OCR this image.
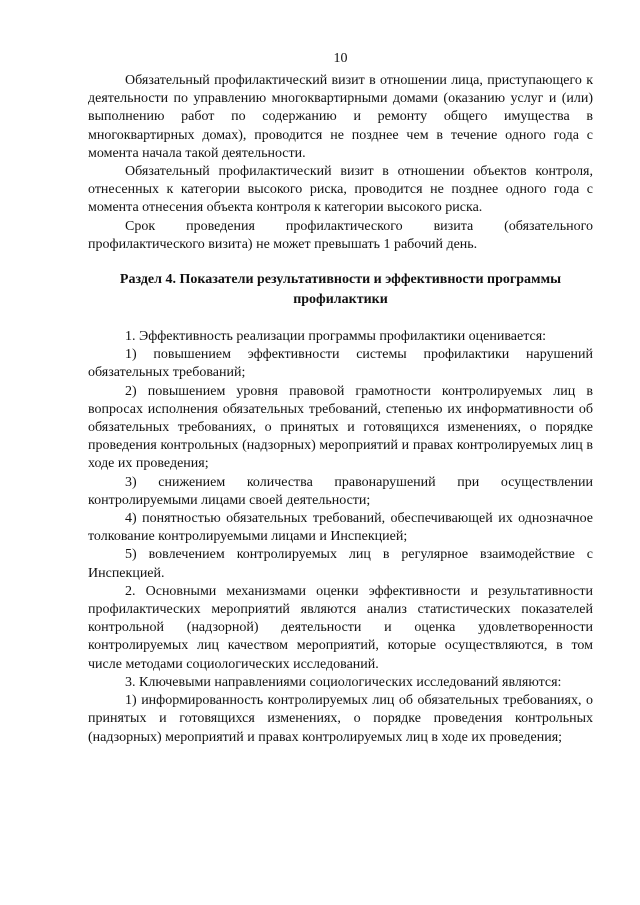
10

Обязательный профилактический визит в отношении лица, приступающего к деятельности по управлению многоквартирными домами (оказанию услуг и (или) выполнению работ по содержанию и ремонту общего имущества в многоквартирных домах), проводится не позднее чем в течение одного года с момента начала такой деятельности.

Обязательный профилактический визит в отношении объектов контроля, отнесенных к категории высокого риска, проводится не позднее одного года с момента отнесения объекта контроля к категории высокого риска.

Срок проведения профилактического визита (обязательного профилактического визита) не может превышать 1 рабочий день.

Раздел 4. Показатели результативности и эффективности программы профилактики

1. Эффективность реализации программы профилактики оценивается:

1) повышением эффективности системы профилактики нарушений обязательных требований;

2) повышением уровня правовой грамотности контролируемых лиц в вопросах исполнения обязательных требований, степенью их информативности об обязательных требованиях, о принятых и готовящихся изменениях, о порядке проведения контрольных (надзорных) мероприятий и правах контролируемых лиц в ходе их проведения;

3) снижением количества правонарушений при осуществлении контролируемыми лицами своей деятельности;

4) понятностью обязательных требований, обеспечивающей их однозначное толкование контролируемыми лицами и Инспекцией;

5) вовлечением контролируемых лиц в регулярное взаимодействие с Инспекцией.

2. Основными механизмами оценки эффективности и результативности профилактических мероприятий являются анализ статистических показателей контрольной (надзорной) деятельности и оценка удовлетворенности контролируемых лиц качеством мероприятий, которые осуществляются, в том числе методами социологических исследований.

3. Ключевыми направлениями социологических исследований являются:

1) информированность контролируемых лиц об обязательных требованиях, о принятых и готовящихся изменениях, о порядке проведения контрольных (надзорных) мероприятий и правах контролируемых лиц в ходе их проведения;
